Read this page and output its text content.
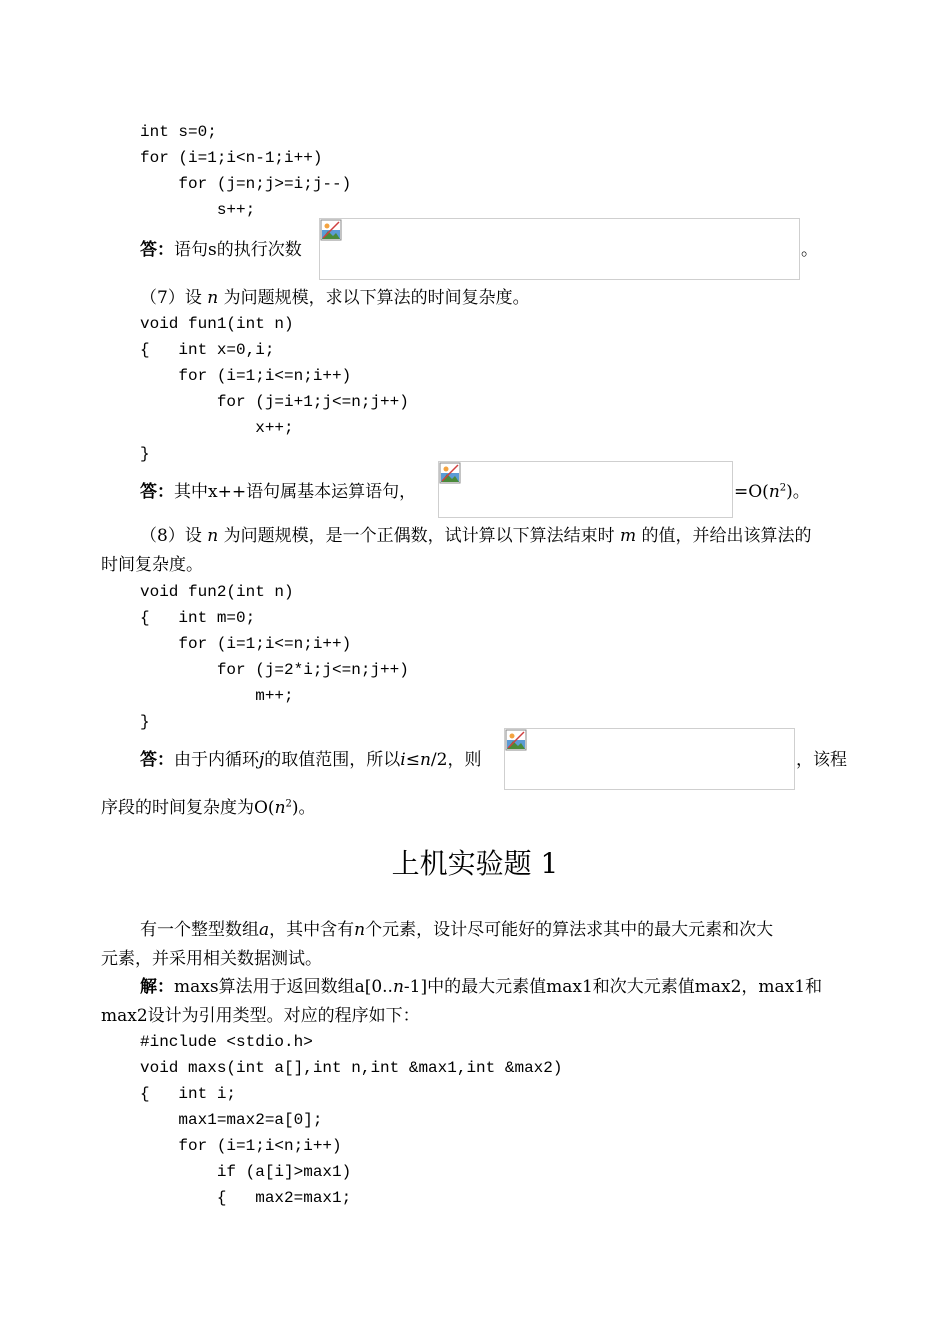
int s=0;
for (i=1;i<n-1;i++)
for (j=n;j>=i;j--)
s++;
答：语句s的执行次数	。
（7）设 n 为问题规模，求以下算法的时间复杂度。
void fun1(int n)
{   int x=0,i;
for (i=1;i<=n;i++)
for (j=i+1;j<=n;j++)
x++;
}
答：其中x++语句属基本运算语句，	$=O(n^2)$。
（8）设 n 为问题规模，是一个正偶数，试计算以下算法结束时 m 的值，并给出该算法的
时间复杂度。
void fun2(int n)
{   int m=0;
for (i=1;i<=n;i++)
for (j=2*i;j<=n;j++)
m++;
}
答：由于内循环j的取值范围，所以i≤n/2，则	，该程
序段的时间复杂度为$O(n^2)$。
上机实验题 1
有一个整型数组a，其中含有n个元素，设计尽可能好的算法求其中的最大元素和次大
元素，并采用相关数据测试。
解：maxs算法用于返回数组a[0..n-1]中的最大元素值max1和次大元素值max2，max1和
max2设计为引用类型。对应的程序如下：
#include <stdio.h>
void maxs(int a[],int n,int &max1,int &max2)
{   int i;
max1=max2=a[0];
for (i=1;i<n;i++)
if (a[i]>max1)
{   max2=max1;
